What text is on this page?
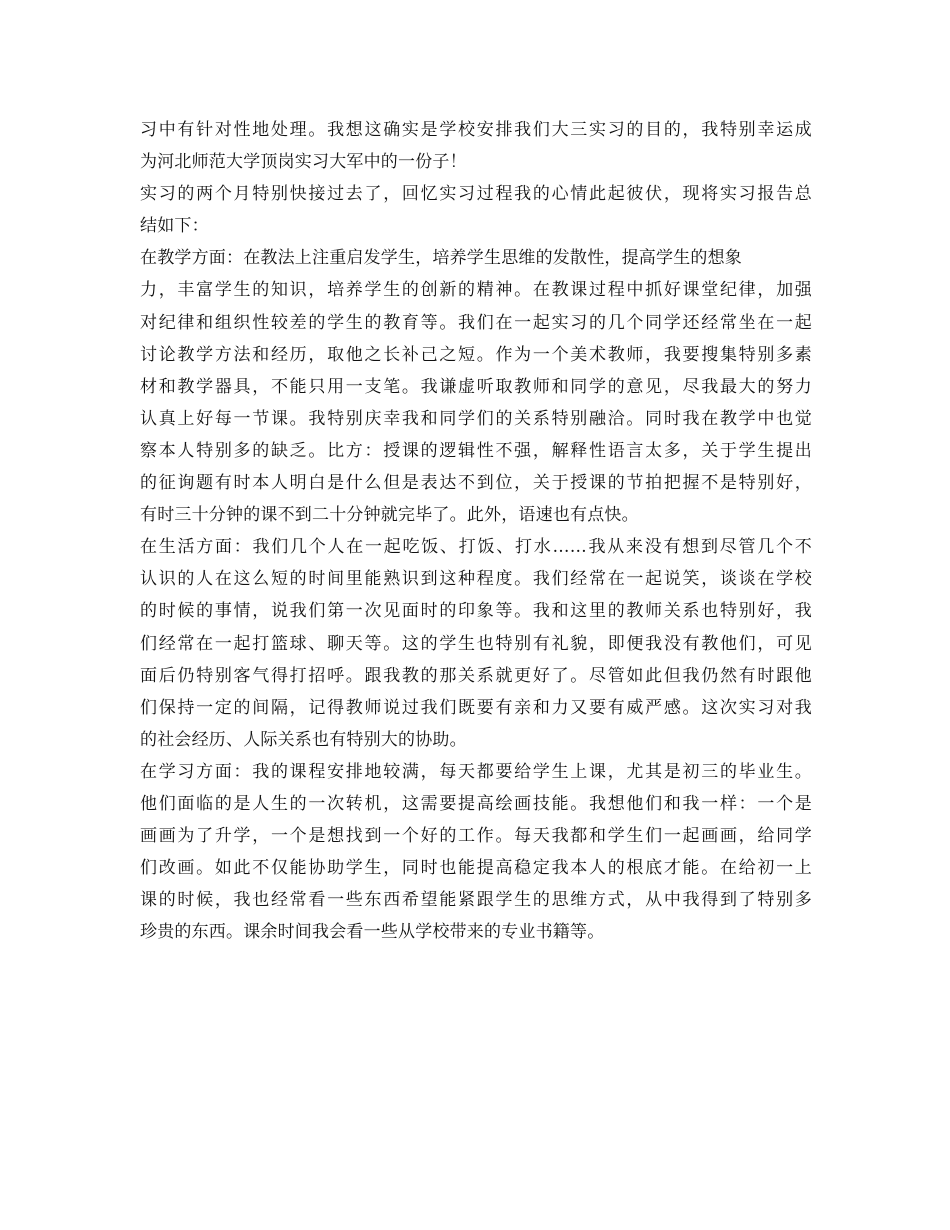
习中有针对性地处理。我想这确实是学校安排我们大三实习的目的，我特别幸运成
为河北师范大学顶岗实习大军中的一份子！
实习的两个月特别快接过去了，回忆实习过程我的心情此起彼伏，现将实习报告总
结如下：
在教学方面：在教法上注重启发学生，培养学生思维的发散性，提高学生的想象
力，丰富学生的知识，培养学生的创新的精神。在教课过程中抓好课堂纪律，加强
对纪律和组织性较差的学生的教育等。我们在一起实习的几个同学还经常坐在一起
讨论教学方法和经历，取他之长补己之短。作为一个美术教师，我要搜集特别多素
材和教学器具，不能只用一支笔。我谦虚听取教师和同学的意见，尽我最大的努力
认真上好每一节课。我特别庆幸我和同学们的关系特别融洽。同时我在教学中也觉
察本人特别多的缺乏。比方：授课的逻辑性不强，解释性语言太多，关于学生提出
的征询题有时本人明白是什么但是表达不到位，关于授课的节拍把握不是特别好，
有时三十分钟的课不到二十分钟就完毕了。此外，语速也有点快。
在生活方面：我们几个人在一起吃饭、打饭、打水……我从来没有想到尽管几个不
认识的人在这么短的时间里能熟识到这种程度。我们经常在一起说笑，谈谈在学校
的时候的事情，说我们第一次见面时的印象等。我和这里的教师关系也特别好，我
们经常在一起打篮球、聊天等。这的学生也特别有礼貌，即便我没有教他们，可见
面后仍特别客气得打招呼。跟我教的那关系就更好了。尽管如此但我仍然有时跟他
们保持一定的间隔，记得教师说过我们既要有亲和力又要有威严感。这次实习对我
的社会经历、人际关系也有特别大的协助。
在学习方面：我的课程安排地较满，每天都要给学生上课，尤其是初三的毕业生。
他们面临的是人生的一次转机，这需要提高绘画技能。我想他们和我一样：一个是
画画为了升学，一个是想找到一个好的工作。每天我都和学生们一起画画，给同学
们改画。如此不仅能协助学生，同时也能提高稳定我本人的根底才能。在给初一上
课的时候，我也经常看一些东西希望能紧跟学生的思维方式，从中我得到了特别多
珍贵的东西。课余时间我会看一些从学校带来的专业书籍等。
